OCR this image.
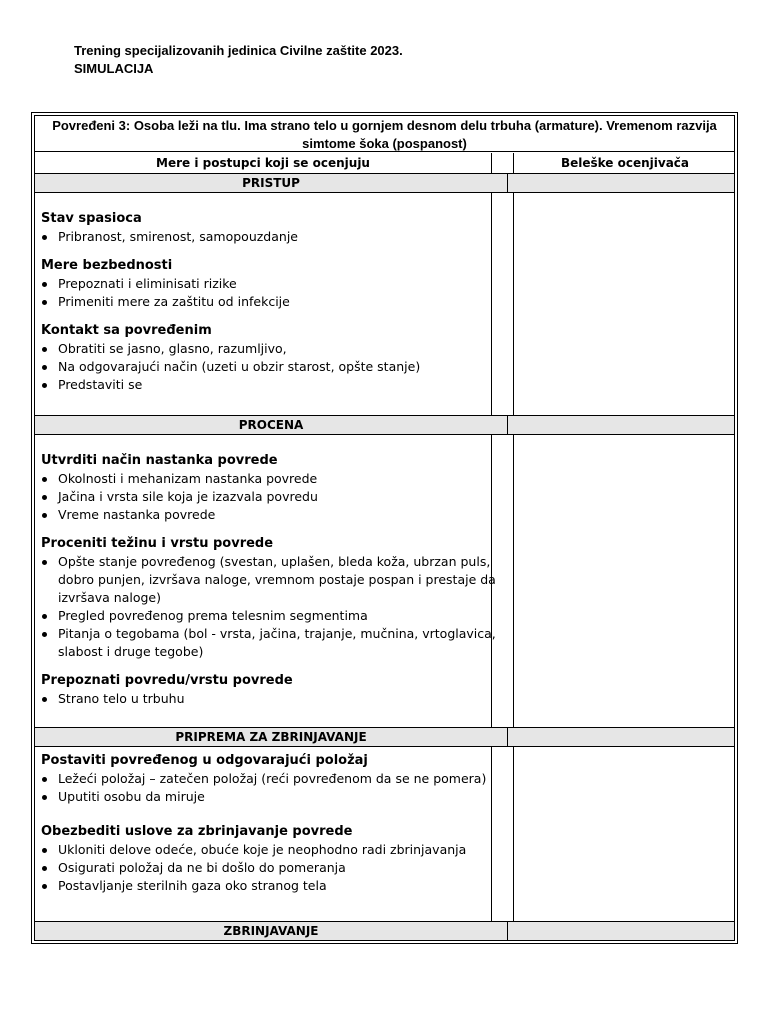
Trening specijalizovanih jedinica Civilne zaštite 2023.
SIMULACIJA
Povređeni 3: Osoba leži na tlu. Ima strano telo u gornjem desnom delu trbuha (armature). Vremenom razvija simtome šoka (pospanost)
Mere i postupci koji se ocenjuju	Beleške ocenjivača
PRISTUP
Stav spasioca
Pribranost, smirenost, samopouzdanje
Mere bezbednosti
Prepoznati i eliminisati rizike
Primeniti mere za zaštitu od infekcije
Kontakt sa povređenim
Obratiti se jasno, glasno, razumljivo,
Na odgovarajući način (uzeti u obzir starost, opšte stanje)
Predstaviti se
PROCENA
Utvrditi način nastanka povrede
Okolnosti i mehanizam nastanka povrede
Jačina i vrsta sile koja je izazvala povredu
Vreme nastanka povrede
Proceniti težinu i vrstu povrede
Opšte stanje povređenog (svestan, uplašen, bleda koža, ubrzan puls, dobro punjen, izvršava naloge, vremnom postaje pospan i prestaje da izvršava naloge)
Pregled povređenog prema telesnim segmentima
Pitanja o tegobama (bol - vrsta, jačina, trajanje, mučnina, vrtoglavica, slabost i druge tegobe)
Prepoznati povredu/vrstu povrede
Strano telo u trbuhu
PRIPREMA ZA ZBRINJAVANJE
Postaviti povređenog u odgovarajući položaj
Ležeći položaj – zatečen položaj (reći povređenom da se ne pomera)
Uputiti osobu da miruje
Obezbediti uslove za zbrinjavanje povrede
Ukloniti delove odeće, obuće koje je neophodno radi zbrinjavanja
Osigurati položaj da ne bi došlo do pomeranja
Postavljanje sterilnih gaza oko stranog tela
ZBRINJAVANJE
